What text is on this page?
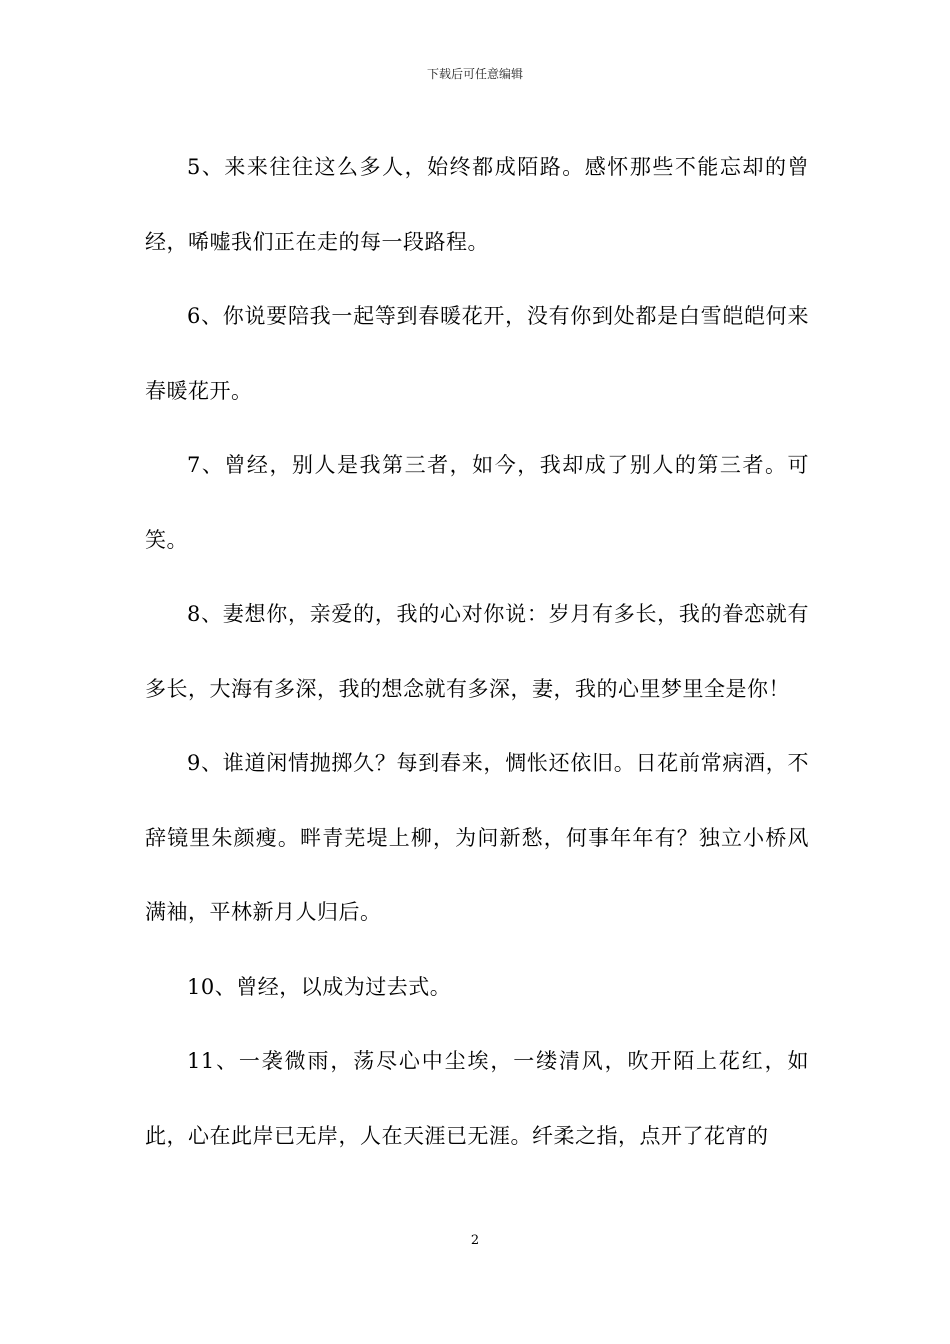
下载后可任意编辑

5、来来往往这么多人，始终都成陌路。感怀那些不能忘却的曾经，唏嘘我们正在走的每一段路程。

6、你说要陪我一起等到春暖花开，没有你到处都是白雪皑皑何来春暖花开。

7、曾经，别人是我第三者，如今，我却成了别人的第三者。可笑。

8、妻想你，亲爱的，我的心对你说：岁月有多长，我的眷恋就有多长，大海有多深，我的想念就有多深，妻，我的心里梦里全是你！

9、谁道闲情抛掷久？每到春来，惆怅还依旧。日花前常病酒，不辞镜里朱颜瘦。畔青芜堤上柳，为问新愁，何事年年有？独立小桥风满袖，平林新月人归后。

10、曾经，以成为过去式。

11、一袭微雨，荡尽心中尘埃，一缕清风，吹开陌上花红，如此，心在此岸已无岸，人在天涯已无涯。纤柔之指，点开了花宵的

2
